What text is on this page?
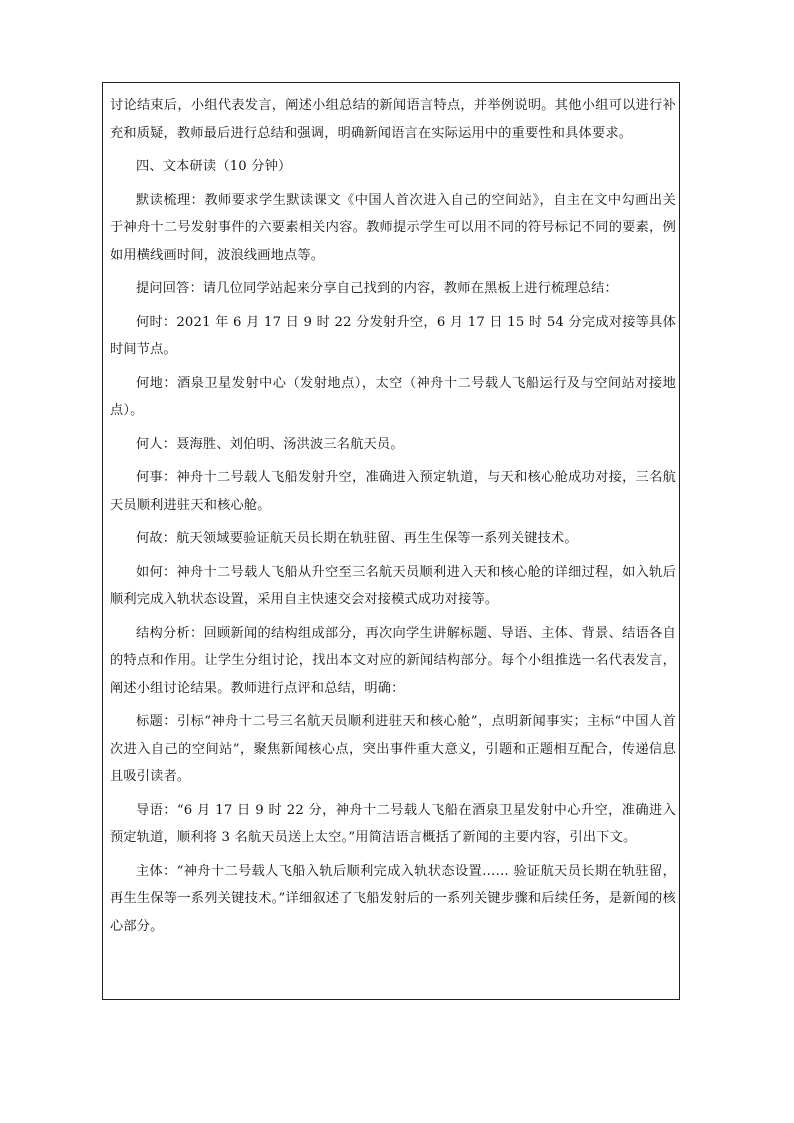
讨论结束后，小组代表发言，阐述小组总结的新闻语言特点，并举例说明。其他小组可以进行补充和质疑，教师最后进行总结和强调，明确新闻语言在实际运用中的重要性和具体要求。

四、文本研读（10 分钟）

默读梳理：教师要求学生默读课文《中国人首次进入自己的空间站》，自主在文中勾画出关于神舟十二号发射事件的六要素相关内容。教师提示学生可以用不同的符号标记不同的要素，例如用横线画时间，波浪线画地点等。

提问回答：请几位同学站起来分享自己找到的内容，教师在黑板上进行梳理总结：

何时：2021 年 6 月 17 日 9 时 22 分发射升空，6 月 17 日 15 时 54 分完成对接等具体时间节点。

何地：酒泉卫星发射中心（发射地点），太空（神舟十二号载人飞船运行及与空间站对接地点）。

何人：聂海胜、刘伯明、汤洪波三名航天员。

何事：神舟十二号载人飞船发射升空，准确进入预定轨道，与天和核心舱成功对接，三名航天员顺利进驻天和核心舱。

何故：航天领域要验证航天员长期在轨驻留、再生生保等一系列关键技术。

如何：神舟十二号载人飞船从升空至三名航天员顺利进入天和核心舱的详细过程，如入轨后顺利完成入轨状态设置，采用自主快速交会对接模式成功对接等。

结构分析：回顾新闻的结构组成部分，再次向学生讲解标题、导语、主体、背景、结语各自的特点和作用。让学生分组讨论，找出本文对应的新闻结构部分。每个小组推选一名代表发言，阐述小组讨论结果。教师进行点评和总结，明确：

标题：引标“神舟十二号三名航天员顺利进驻天和核心舱”，点明新闻事实；主标“中国人首次进入自己的空间站”，聚焦新闻核心点，突出事件重大意义，引题和正题相互配合，传递信息且吸引读者。

导语：“6 月 17 日 9 时 22 分，神舟十二号载人飞船在酒泉卫星发射中心升空，准确进入预定轨道，顺利将 3 名航天员送上太空。”用简洁语言概括了新闻的主要内容，引出下文。

主体：“神舟十二号载人飞船入轨后顺利完成入轨状态设置…… 验证航天员长期在轨驻留，再生生保等一系列关键技术。”详细叙述了飞船发射后的一系列关键步骤和后续任务，是新闻的核心部分。
